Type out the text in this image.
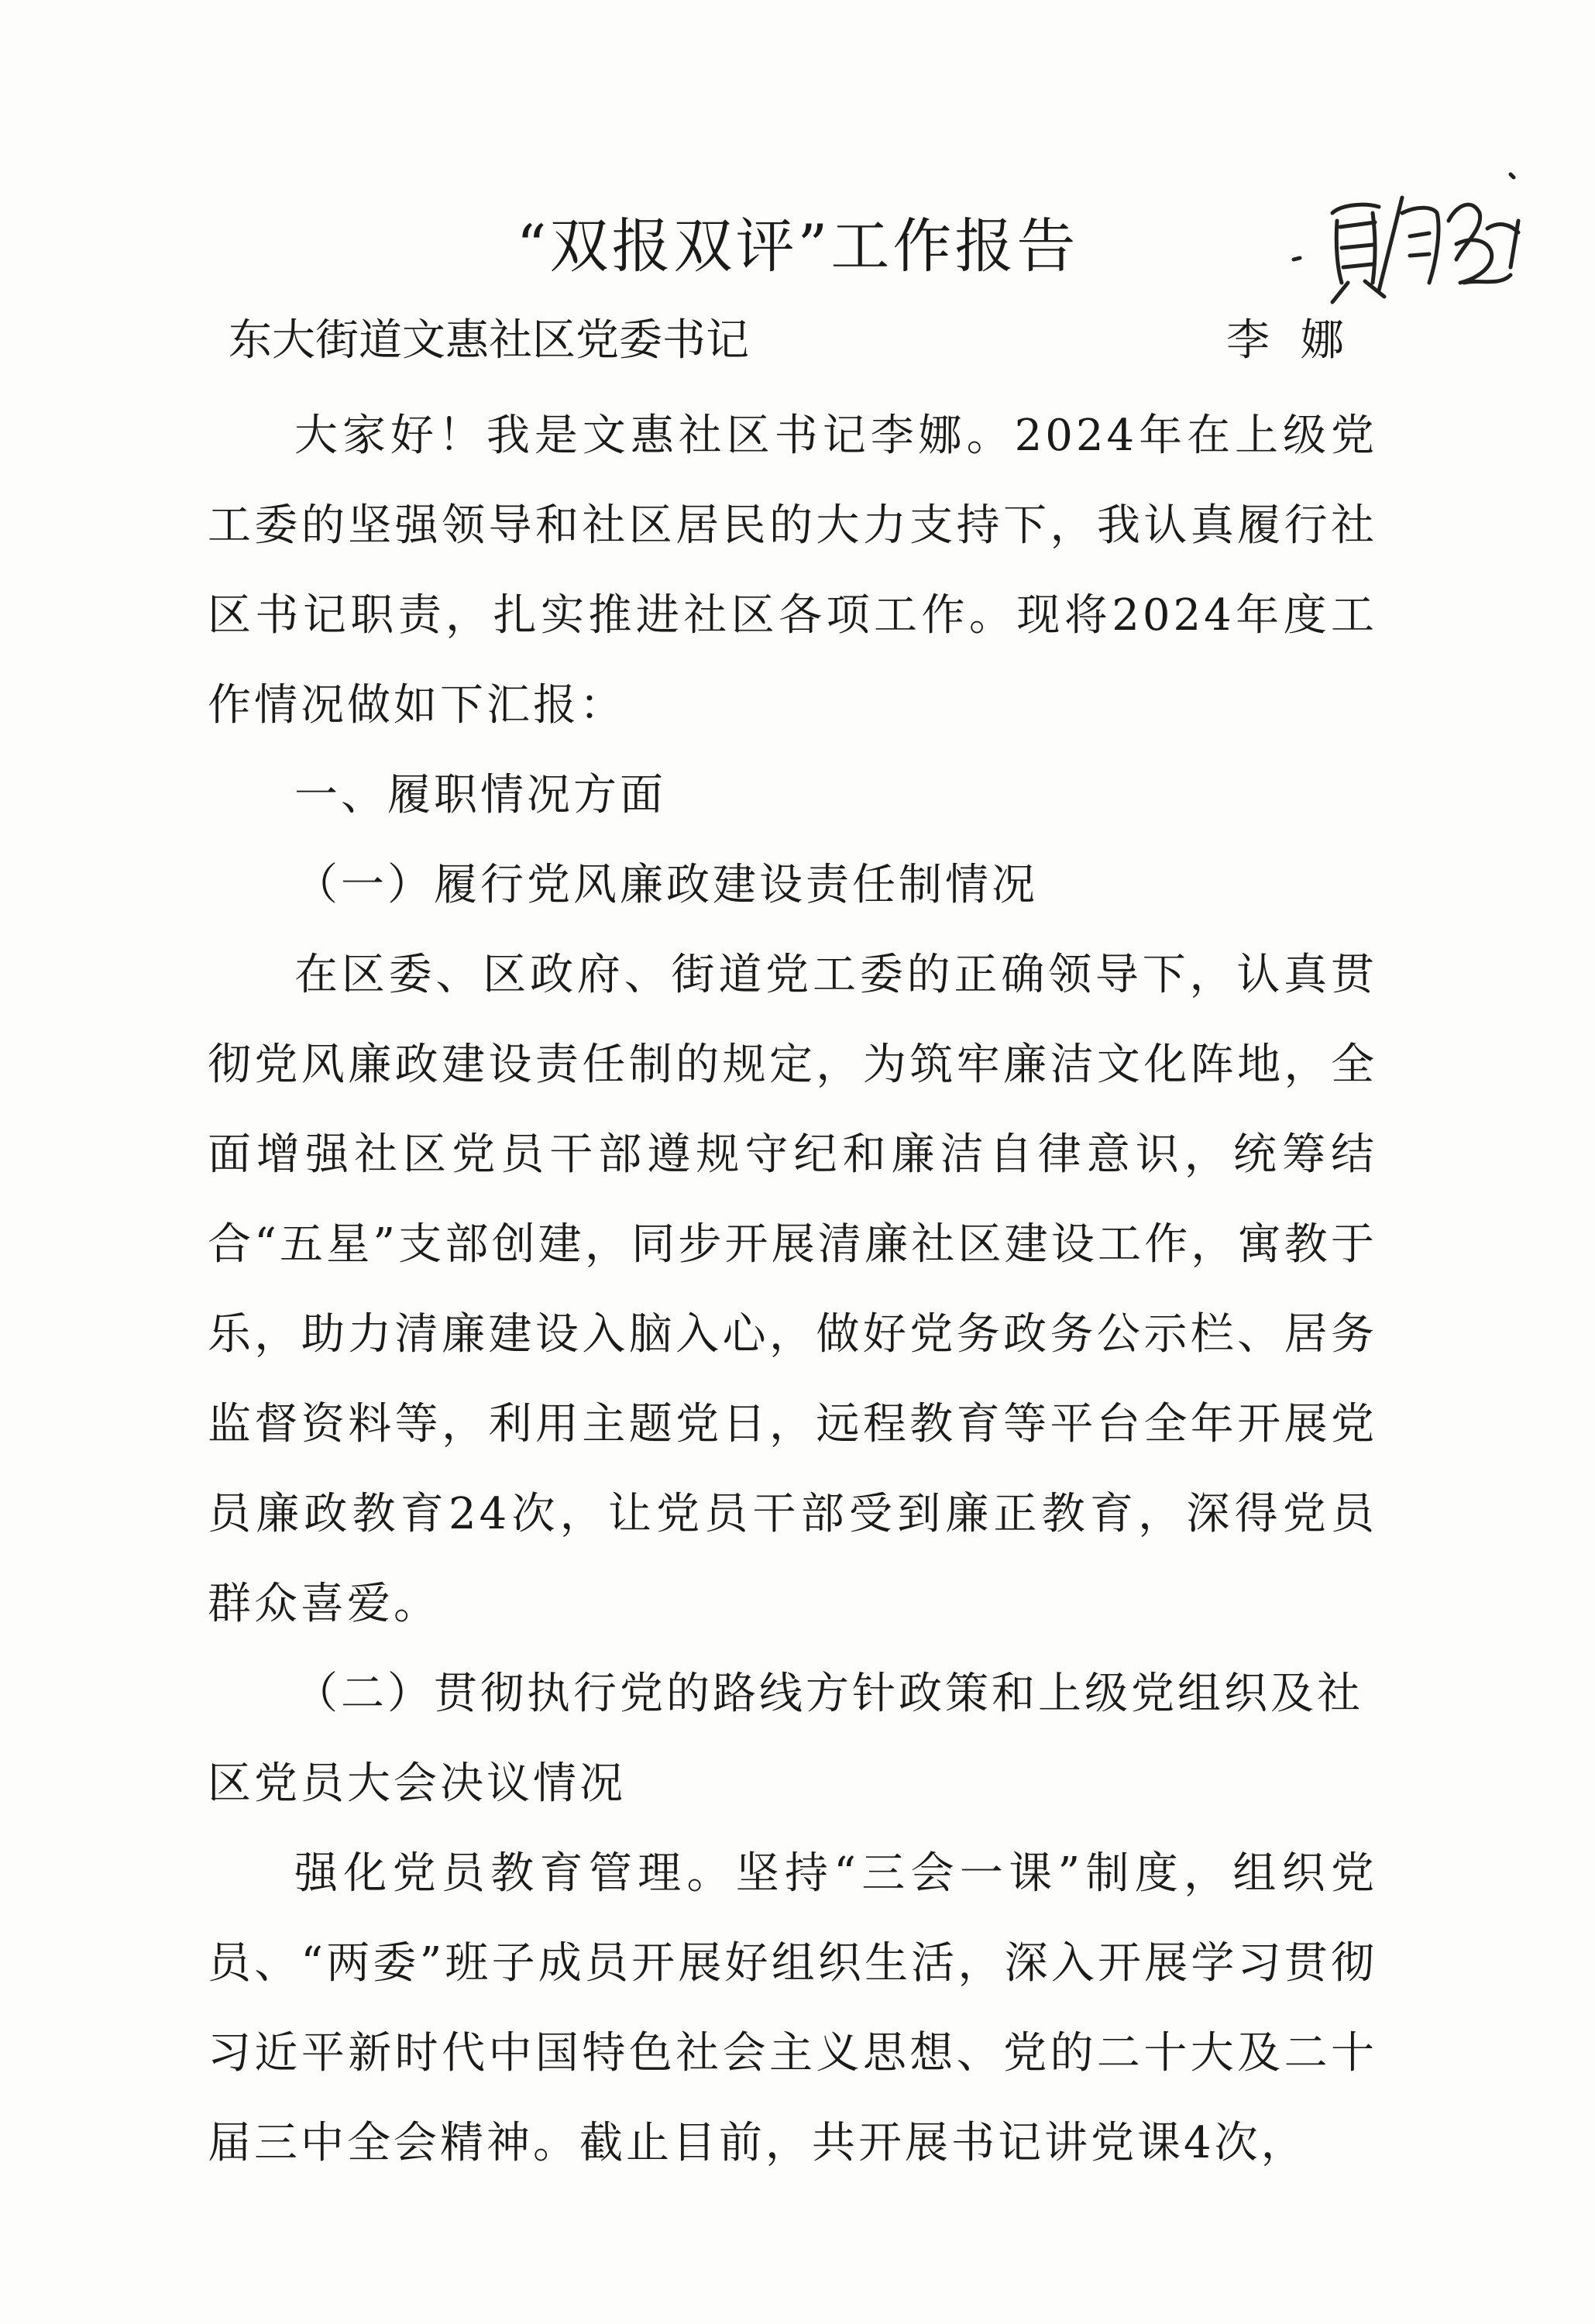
“双报双评”工作报告
东大街道文惠社区党委书记	李娜

大家好！我是文惠社区书记李娜。2024年在上级党工委的坚强领导和社区居民的大力支持下，我认真履行社区书记职责，扎实推进社区各项工作。现将2024年度工作情况做如下汇报：

一、履职情况方面
（一）履行党风廉政建设责任制情况

在区委、区政府、街道党工委的正确领导下，认真贯彻党风廉政建设责任制的规定，为筑牢廉洁文化阵地，全面增强社区党员干部遵规守纪和廉洁自律意识，统筹结合“五星”支部创建，同步开展清廉社区建设工作，寓教于乐，助力清廉建设入脑入心，做好党务政务公示栏、居务监督资料等，利用主题党日，远程教育等平台全年开展党员廉政教育24次，让党员干部受到廉正教育，深得党员群众喜爱。

（二）贯彻执行党的路线方针政策和上级党组织及社区党员大会决议情况

强化党员教育管理。坚持“三会一课”制度，组织党员、“两委”班子成员开展好组织生活，深入开展学习贯彻习近平新时代中国特色社会主义思想、党的二十大及二十届三中全会精神。截止目前，共开展书记讲党课4次，
